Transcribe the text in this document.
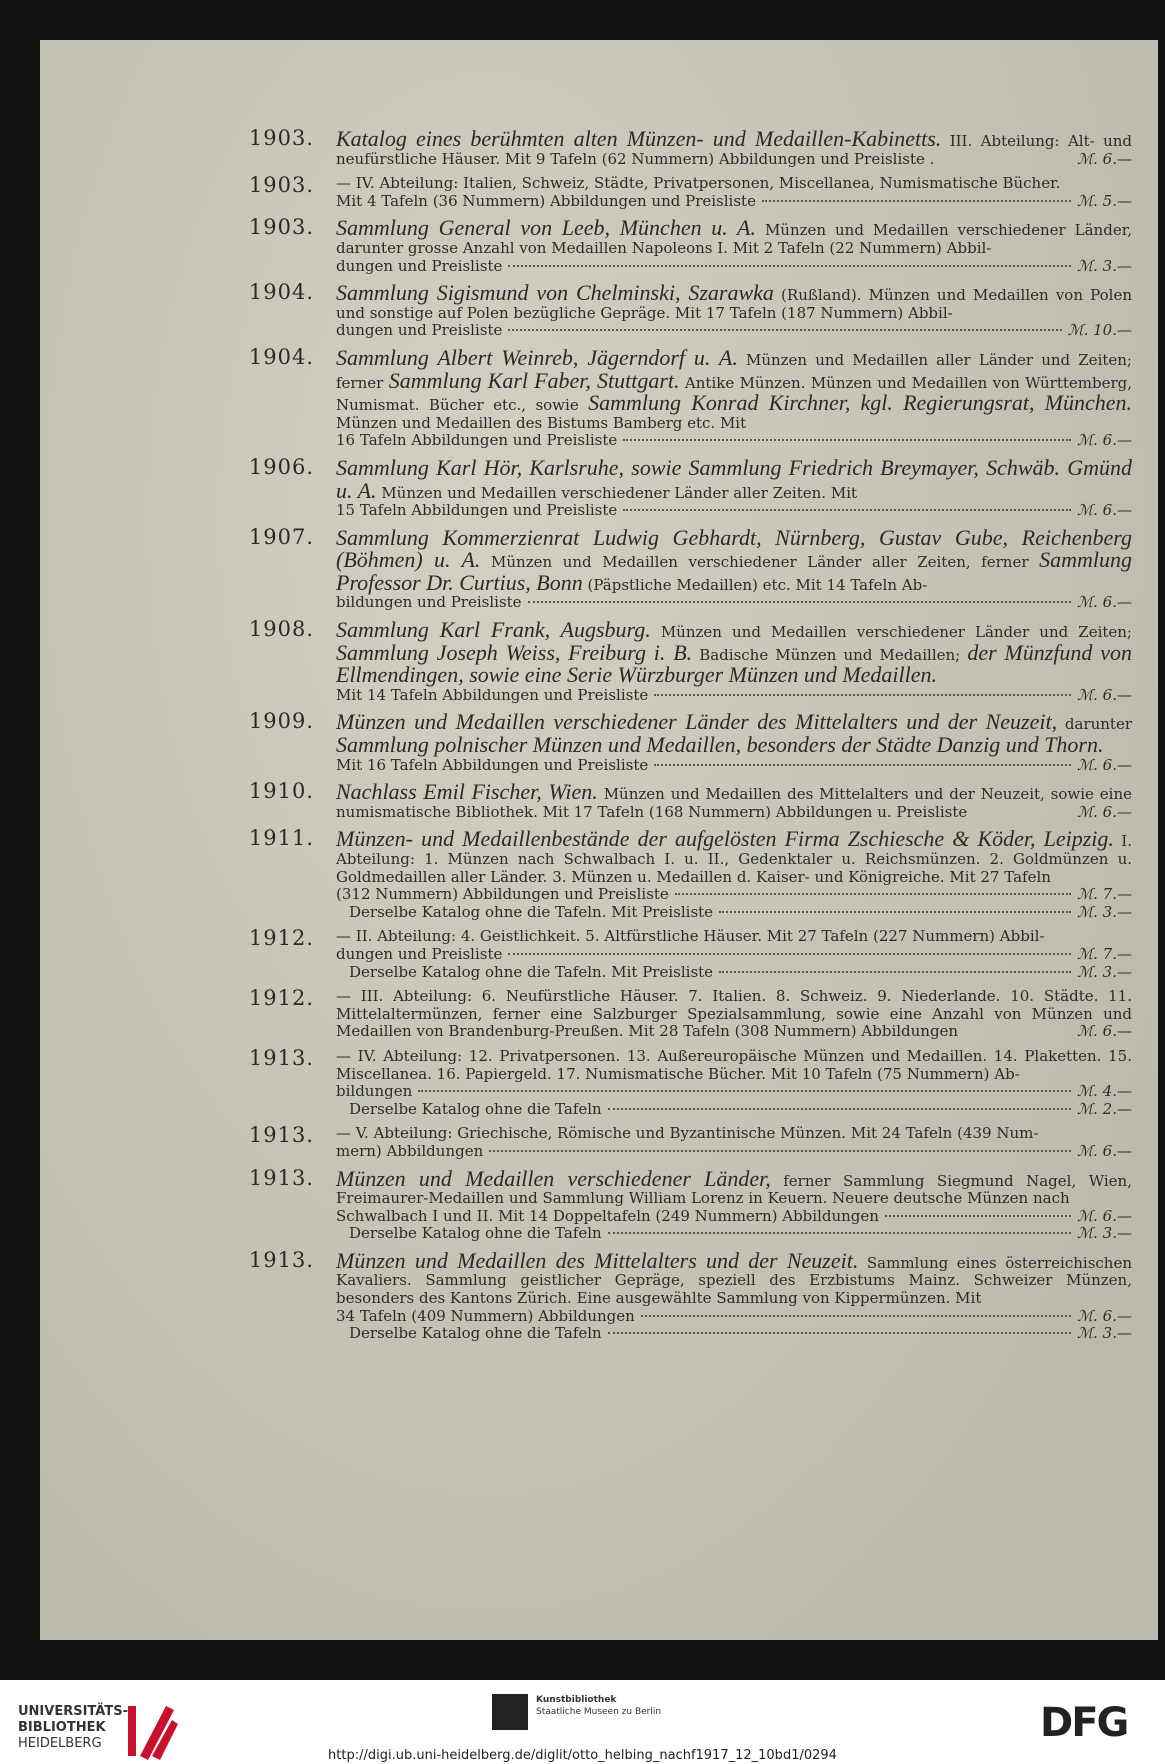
1903.	Katalog eines berühmten alten Münzen- und Medaillen-Kabinetts. III. Abteilung: Alt- und neufürstliche Häuser. Mit 9 Tafeln (62 Nummern) Abbildungen und Preisliste .	ℳ. 6.—
1903.	— IV. Abteilung: Italien, Schweiz, Städte, Privatpersonen, Miscellanea, Numismatische Bücher.
Mit 4 Tafeln (36 Nummern) Abbildungen und Preisliste	ℳ. 5.—
1903.	Sammlung General von Leeb, München u. A. Münzen und Medaillen verschiedener Länder, darunter grosse Anzahl von Medaillen Napoleons I. Mit 2 Tafeln (22 Nummern) Abbil-
dungen und Preisliste	ℳ. 3.—
1904.	Sammlung Sigismund von Chelminski, Szarawka (Rußland). Münzen und Medaillen von Polen und sonstige auf Polen bezügliche Gepräge. Mit 17 Tafeln (187 Nummern) Abbil-
dungen und Preisliste	ℳ. 10.—
1904.	Sammlung Albert Weinreb, Jägerndorf u. A. Münzen und Medaillen aller Länder und Zeiten; ferner Sammlung Karl Faber, Stuttgart. Antike Münzen. Münzen und Medaillen von Württemberg, Numismat. Bücher etc., sowie Sammlung Konrad Kirchner, kgl. Regierungsrat, München. Münzen und Medaillen des Bistums Bamberg etc. Mit
16 Tafeln Abbildungen und Preisliste	ℳ. 6.—
1906.	Sammlung Karl Hör, Karlsruhe, sowie Sammlung Friedrich Breymayer, Schwäb. Gmünd u. A. Münzen und Medaillen verschiedener Länder aller Zeiten. Mit
15 Tafeln Abbildungen und Preisliste	ℳ. 6.—
1907.	Sammlung Kommerzienrat Ludwig Gebhardt, Nürnberg, Gustav Gube, Reichenberg (Böhmen) u. A. Münzen und Medaillen verschiedener Länder aller Zeiten, ferner Sammlung Professor Dr. Curtius, Bonn (Päpstliche Medaillen) etc. Mit 14 Tafeln Ab-
bildungen und Preisliste	ℳ. 6.—
1908.	Sammlung Karl Frank, Augsburg. Münzen und Medaillen verschiedener Länder und Zeiten; Sammlung Joseph Weiss, Freiburg i. B. Badische Münzen und Medaillen; der Münzfund von Ellmendingen, sowie eine Serie Würzburger Münzen und Medaillen.
Mit 14 Tafeln Abbildungen und Preisliste	ℳ. 6.—
1909.	Münzen und Medaillen verschiedener Länder des Mittelalters und der Neuzeit, darunter Sammlung polnischer Münzen und Medaillen, besonders der Städte Danzig und Thorn.
Mit 16 Tafeln Abbildungen und Preisliste	ℳ. 6.—
1910.	Nachlass Emil Fischer, Wien. Münzen und Medaillen des Mittelalters und der Neuzeit, sowie eine numismatische Bibliothek. Mit 17 Tafeln (168 Nummern) Abbildungen u. Preisliste	ℳ. 6.—
1911.	Münzen- und Medaillenbestände der aufgelösten Firma Zschiesche & Köder, Leipzig. I. Abteilung: 1. Münzen nach Schwalbach I. u. II., Gedenktaler u. Reichsmünzen. 2. Goldmünzen u. Goldmedaillen aller Länder. 3. Münzen u. Medaillen d. Kaiser- und Königreiche. Mit 27 Tafeln
(312 Nummern) Abbildungen und Preisliste	ℳ. 7.—
Derselbe Katalog ohne die Tafeln. Mit Preisliste	ℳ. 3.—
1912.	— II. Abteilung: 4. Geistlichkeit. 5. Altfürstliche Häuser. Mit 27 Tafeln (227 Nummern) Abbil-
dungen und Preisliste	ℳ. 7.—
Derselbe Katalog ohne die Tafeln. Mit Preisliste	ℳ. 3.—
1912.	— III. Abteilung: 6. Neufürstliche Häuser. 7. Italien. 8. Schweiz. 9. Niederlande. 10. Städte. 11. Mittelaltermünzen, ferner eine Salzburger Spezialsammlung, sowie eine Anzahl von Münzen und Medaillen von Brandenburg-Preußen. Mit 28 Tafeln (308 Nummern) Abbildungen	ℳ. 6.—
1913.	— IV. Abteilung: 12. Privatpersonen. 13. Außereuropäische Münzen und Medaillen. 14. Plaketten. 15. Miscellanea. 16. Papiergeld. 17. Numismatische Bücher. Mit 10 Tafeln (75 Nummern) Ab-
bildungen	ℳ. 4.—
Derselbe Katalog ohne die Tafeln	ℳ. 2.—
1913.	— V. Abteilung: Griechische, Römische und Byzantinische Münzen. Mit 24 Tafeln (439 Num-
mern) Abbildungen	ℳ. 6.—
1913.	Münzen und Medaillen verschiedener Länder, ferner Sammlung Siegmund Nagel, Wien, Freimaurer-Medaillen und Sammlung William Lorenz in Keuern. Neuere deutsche Münzen nach
Schwalbach I und II. Mit 14 Doppeltafeln (249 Nummern) Abbildungen	ℳ. 6.—
Derselbe Katalog ohne die Tafeln	ℳ. 3.—
1913.	Münzen und Medaillen des Mittelalters und der Neuzeit. Sammlung eines österreichischen Kavaliers. Sammlung geistlicher Gepräge, speziell des Erzbistums Mainz. Schweizer Münzen, besonders des Kantons Zürich. Eine ausgewählte Sammlung von Kippermünzen. Mit
34 Tafeln (409 Nummern) Abbildungen	ℳ. 6.—
Derselbe Katalog ohne die Tafeln	ℳ. 3.—
UNIVERSITÄTS-
BIBLIOTHEK
HEIDELBERG
Kunstbibliothek
Staatliche Museen zu Berlin	DFG
http://digi.ub.uni-heidelberg.de/diglit/otto_helbing_nachf1917_12_10bd1/0294
